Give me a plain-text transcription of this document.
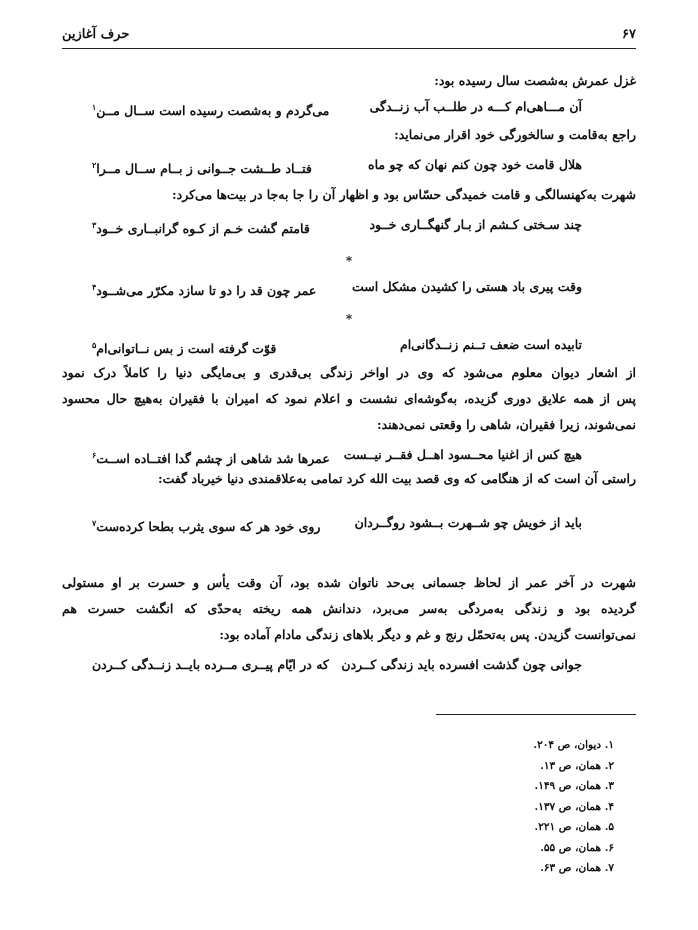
۶۷
حرف آغازین
غزل عمرش به‌شصت سال رسیده بود:
آن مـــاهی‌ام کـــه در طلــب آب زنــدگی
می‌گردم و به‌شصت رسیده است ســال مــن$^۱$
راجع به‌قامت و سالخورگی خود اقرار می‌نماید:
هلال قامت خود چون کنم نهان که چو ماه
فتــاد طــشت جــوانی ز بــام ســال مــرا$^۲$
شهرت به‌کهنسالگی و قامت خمیدگی حسّاس بود و اظهار آن را جا به‌جا در بیت‌ها می‌کرد:
چند سـختی کـشم از بـار گنهگــاری خــود
قامتم گشت خـم از کـوه گرانبــاری خــود$^۳$
*
وقت پیری باد هستی را کشیدن مشکل است
عمر چون قد را دو تا سازد مکرّر می‌شــود$^۴$
*
تابیده است ضعف تــنم زنــدگانی‌ام
قوّت گرفته است ز بس نــاتوانی‌ام$^۵$
از اشعار دیوان معلوم می‌شود که وی در اواخر زندگی بی‌قدری و بی‌مایگی دنیا را کاملاً درک نمود
پس از همه علایق دوری گزیده، به‌گوشه‌ای نشست و اعلام نمود که امیران با فقیران به‌هیچ حال محسود
نمی‌شوند، زیرا فقیران، شاهی را وقعتی نمی‌دهند:
هیچ کس از اغنیا محــسود اهــل فقــر نیــست
عمرها شد شاهی از چشم گدا افتــاده اســت$^۶$
راستی آن است که از هنگامی که وی قصد بیت الله کرد تمامی به‌علاقمندی دنیا خیرباد گفت:
باید از خویش چو شــهرت بــشود روگــردان
روی خود هر که سوی یثرب بطحا کرده‌ست$^۷$
شهرت در آخر عمر از لحاظ جسمانی بی‌حد ناتوان شده بود، آن وقت یأس و حسرت بر او مستولی
گردیده بود و زندگی به‌مردگی به‌سر می‌برد، دندانش همه ریخته به‌حدّی که انگشت حسرت هم
نمی‌توانست گزیدن. پس به‌تحمّل رنج و غم و دیگر بلاهای زندگی مادام آماده بود:
جوانی چون گذشت افسرده باید زندگی کــردن
که در ایّام پیــری مــرده بایــد زنــدگی کــردن
۱. دیوان، ص ۲۰۴.
۲. همان، ص ۱۳.
۳. همان، ص ۱۴۹.
۴. همان، ص ۱۳۷.
۵. همان، ص ۲۲۱.
۶. همان، ص ۵۵.
۷. همان، ص ۶۳.
